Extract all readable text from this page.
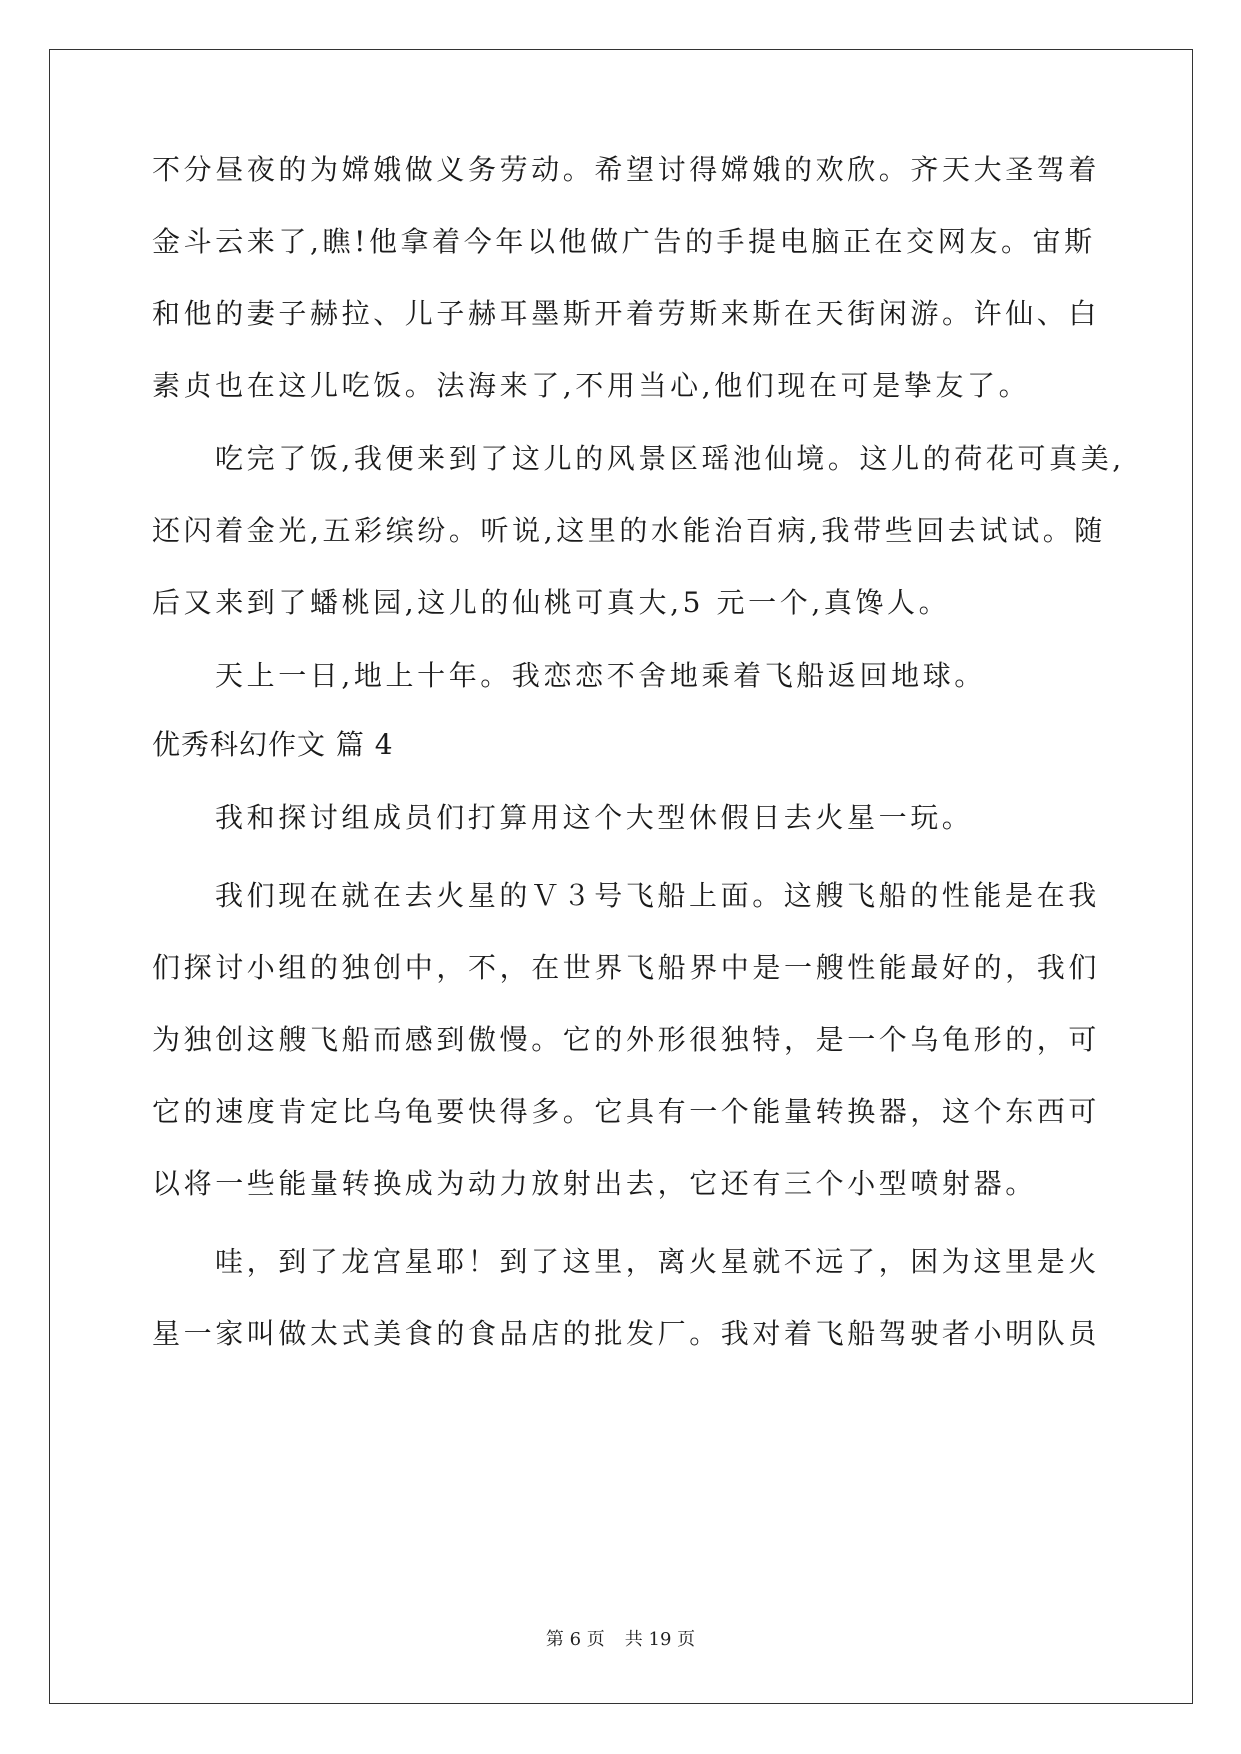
不分昼夜的为嫦娥做义务劳动。希望讨得嫦娥的欢欣。齐天大圣驾着
金斗云来了,瞧!他拿着今年以他做广告的手提电脑正在交网友。宙斯
和他的妻子赫拉、儿子赫耳墨斯开着劳斯来斯在天街闲游。许仙、白
素贞也在这儿吃饭。法海来了,不用当心,他们现在可是挚友了。
吃完了饭,我便来到了这儿的风景区瑶池仙境。这儿的荷花可真美,
还闪着金光,五彩缤纷。听说,这里的水能治百病,我带些回去试试。随
后又来到了蟠桃园,这儿的仙桃可真大,5 元一个,真馋人。
天上一日,地上十年。我恋恋不舍地乘着飞船返回地球。
优秀科幻作文 篇 4
我和探讨组成员们打算用这个大型休假日去火星一玩。
我们现在就在去火星的Ｖ３号飞船上面。这艘飞船的性能是在我
们探讨小组的独创中，不，在世界飞船界中是一艘性能最好的，我们
为独创这艘飞船而感到傲慢。它的外形很独特，是一个乌龟形的，可
它的速度肯定比乌龟要快得多。它具有一个能量转换器，这个东西可
以将一些能量转换成为动力放射出去，它还有三个小型喷射器。
哇，到了龙宫星耶！到了这里，离火星就不远了，困为这里是火
星一家叫做太式美食的食品店的批发厂。我对着飞船驾驶者小明队员
第 6 页 共 19 页
